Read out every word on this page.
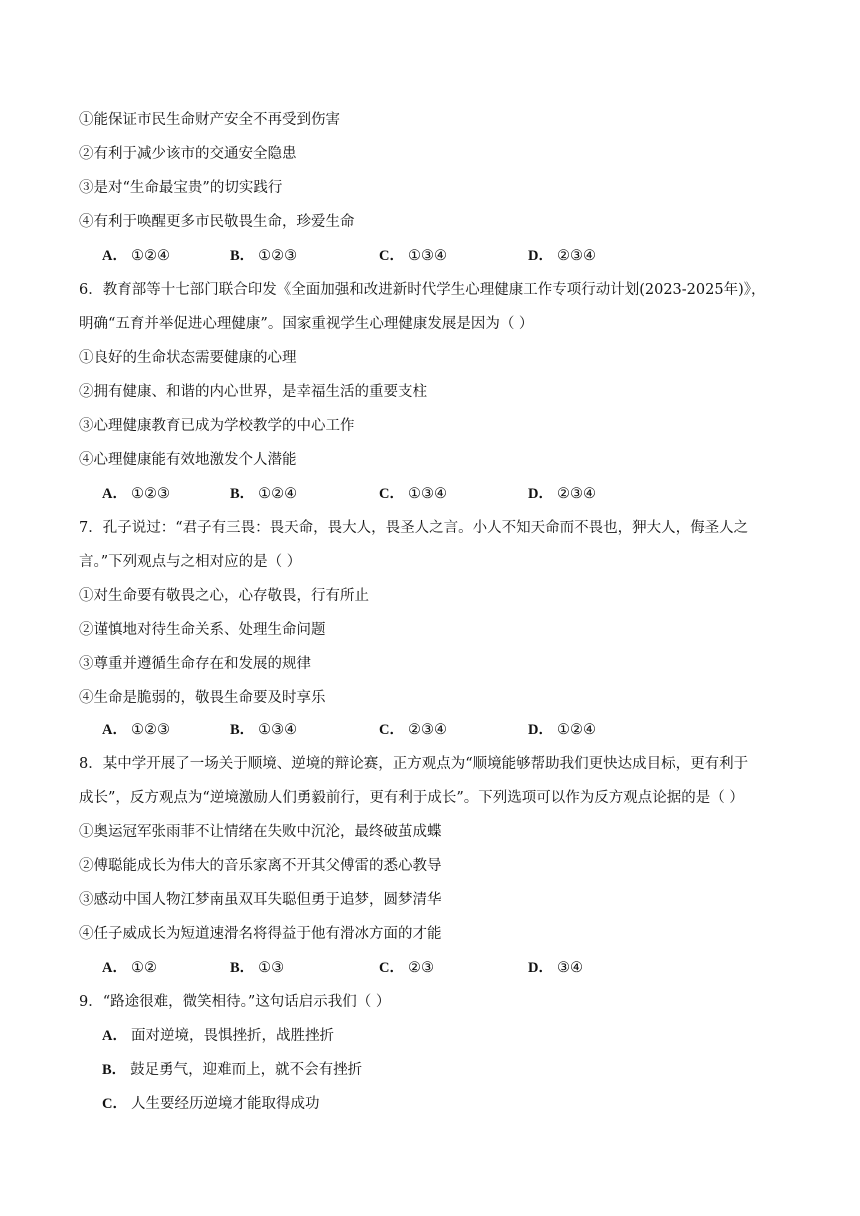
①能保证市民生命财产安全不再受到伤害
②有利于减少该市的交通安全隐患
③是对“生命最宝贵”的切实践行
④有利于唤醒更多市民敬畏生命，珍爱生命
A． ①②④	B． ①②③	C． ①③④	D． ②③④
6．教育部等十七部门联合印发《全面加强和改进新时代学生心理健康工作专项行动计划(2023-2025年)》，
明确“五育并举促进心理健康”。国家重视学生心理健康发展是因为（ ）
①良好的生命状态需要健康的心理
②拥有健康、和谐的内心世界，是幸福生活的重要支柱
③心理健康教育已成为学校教学的中心工作
④心理健康能有效地激发个人潜能
A． ①②③	B． ①②④	C． ①③④	D． ②③④
7．孔子说过：“君子有三畏：畏天命，畏大人，畏圣人之言。小人不知天命而不畏也，狎大人，侮圣人之
言。”下列观点与之相对应的是（ ）
①对生命要有敬畏之心，心存敬畏，行有所止
②谨慎地对待生命关系、处理生命问题
③尊重并遵循生命存在和发展的规律
④生命是脆弱的，敬畏生命要及时享乐
A． ①②③	B． ①③④	C． ②③④	D． ①②④
8．某中学开展了一场关于顺境、逆境的辩论赛，正方观点为“顺境能够帮助我们更快达成目标，更有利于
成长”，反方观点为“逆境激励人们勇毅前行，更有利于成长”。下列选项可以作为反方观点论据的是（ ）
①奥运冠军张雨菲不让情绪在失败中沉沦，最终破茧成蝶
②傅聪能成长为伟大的音乐家离不开其父傅雷的悉心教导
③感动中国人物江梦南虽双耳失聪但勇于追梦，圆梦清华
④任子威成长为短道速滑名将得益于他有滑冰方面的才能
A． ①②	B． ①③	C． ②③	D． ③④
9．“路途很难，微笑相待。”这句话启示我们（ ）
A． 面对逆境，畏惧挫折，战胜挫折
B． 鼓足勇气，迎难而上，就不会有挫折
C． 人生要经历逆境才能取得成功
